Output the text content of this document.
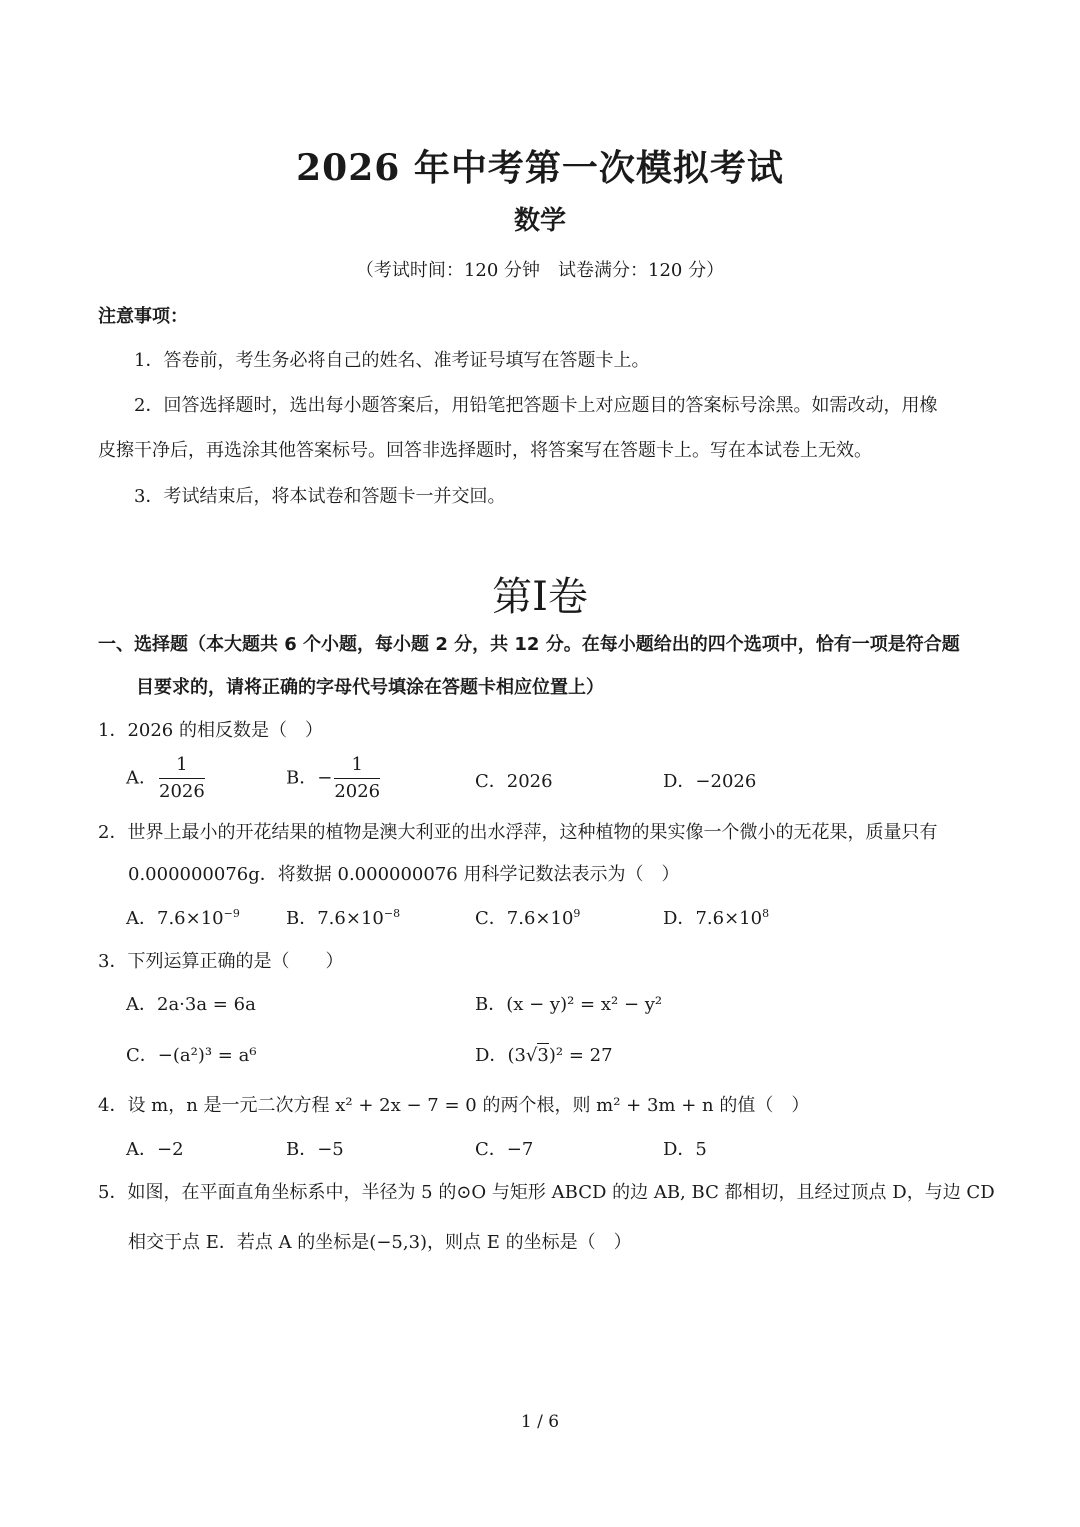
2026 年中考第一次模拟考试
数学
（考试时间：120 分钟　试卷满分：120 分）
注意事项：
1．答卷前，考生务必将自己的姓名、准考证号填写在答题卡上。
2．回答选择题时，选出每小题答案后，用铅笔把答题卡上对应题目的答案标号涂黑。如需改动，用橡
皮擦干净后，再选涂其他答案标号。回答非选择题时，将答案写在答题卡上。写在本试卷上无效。
3．考试结束后，将本试卷和答题卡一并交回。
第I卷
一、选择题（本大题共 6 个小题，每小题 2 分，共 12 分。在每小题给出的四个选项中，恰有一项是符合题
目要求的，请将正确的字母代号填涂在答题卡相应位置上）
1．2026 的相反数是（　）
A． $\frac{1}{2026}$	B．− $\frac{1}{2026}$	C．2026	D．−2026
2．世界上最小的开花结果的植物是澳大利亚的出水浮萍，这种植物的果实像一个微小的无花果，质量只有
0.000000076g．将数据 0.000000076 用科学记数法表示为（　）
A．$7.6\times 10^{-9}$	B．$7.6\times 10^{-8}$	C．$7.6\times 10^9$	D．$7.6\times 10^8$
3．下列运算正确的是（　　）
A．2a·3a = 6a	B．(x − y)² = x² − y²
C．−(a²)³ = a⁶	D．(3√3)² = 27
4．设 m，n 是一元二次方程 x² + 2x − 7 = 0 的两个根，则 m² + 3m + n 的值（　）
A．−2	B．−5	C．−7	D．5
5．如图，在平面直角坐标系中，半径为 5 的⊙O 与矩形 ABCD 的边 AB, BC 都相切，且经过顶点 D，与边 CD
相交于点 E．若点 A 的坐标是(−5,3)，则点 E 的坐标是（　）
1 / 6
